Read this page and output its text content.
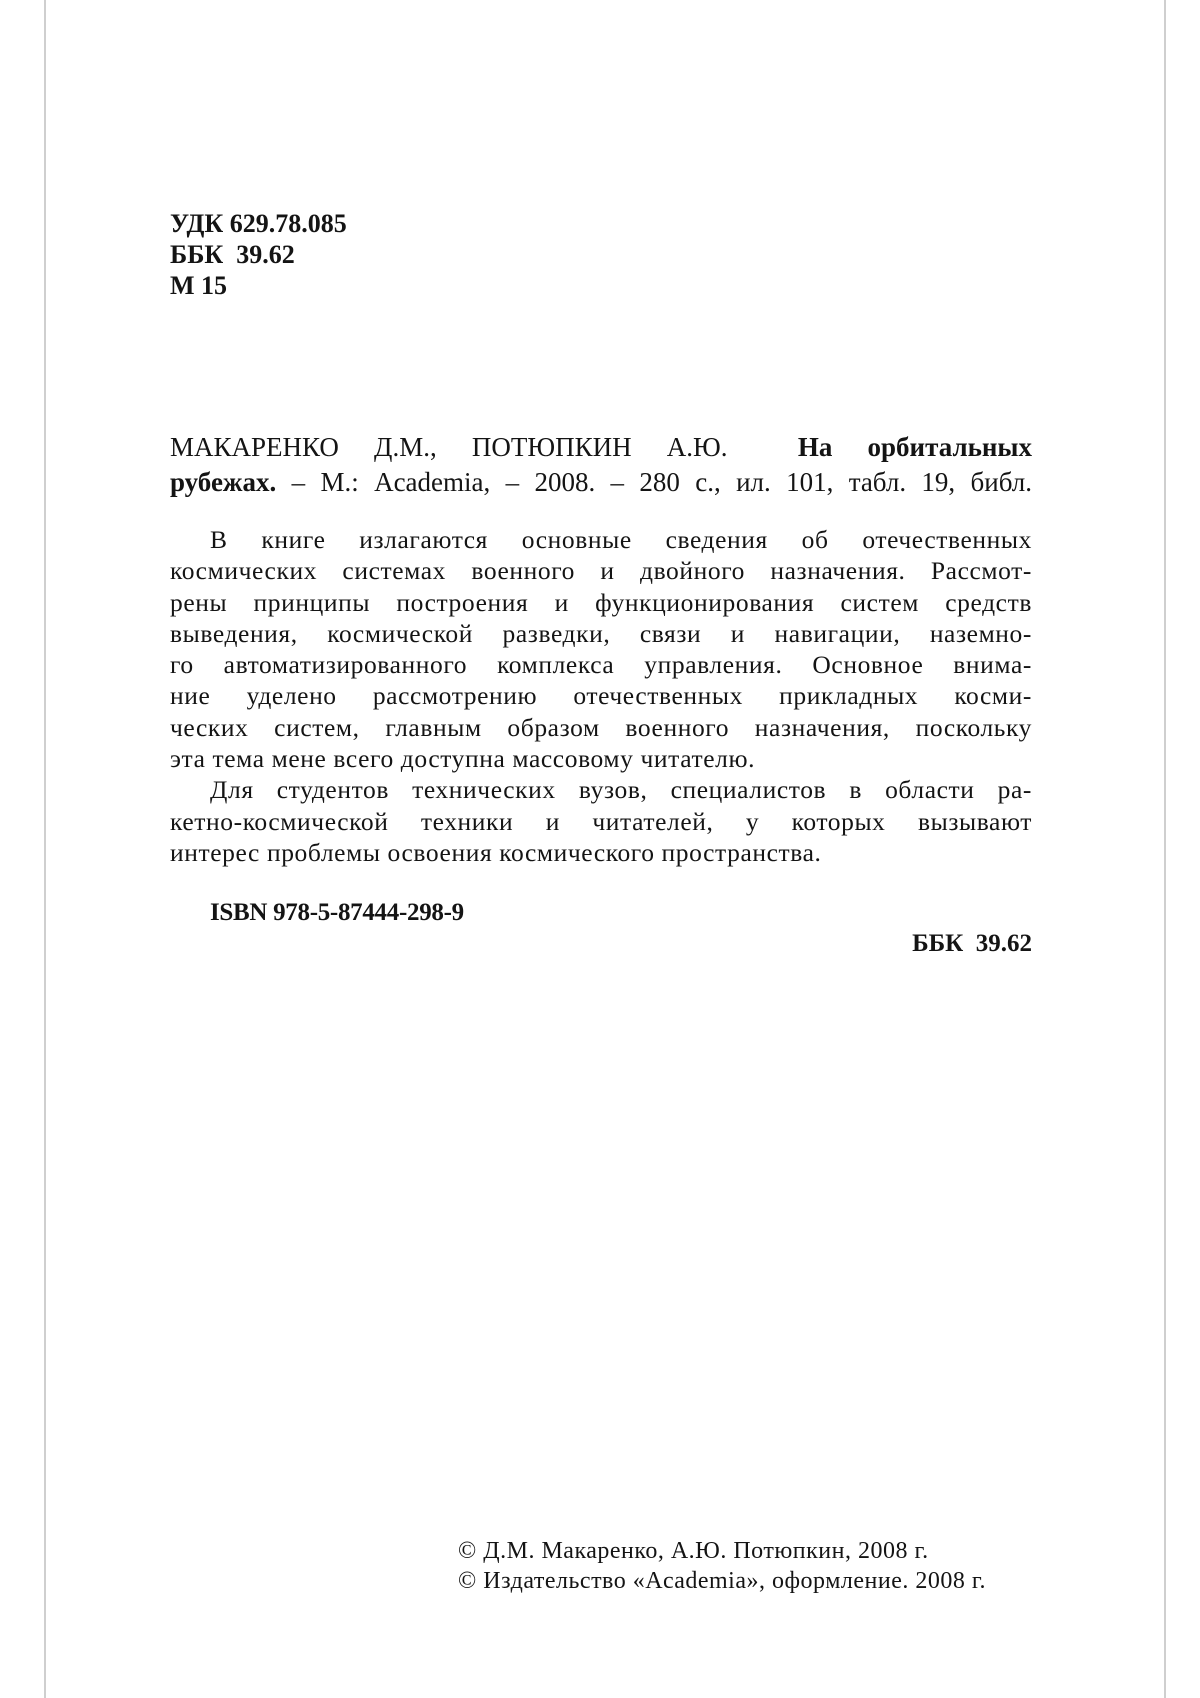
УДК 629.78.085
ББК  39.62
М 15
МАКАРЕНКО Д.М., ПОТЮПКИН А.Ю.	На орбитальных
рубежах. – М.: Academia, – 2008. – 280 с., ил. 101, табл. 19, библ.

В книге излагаются основные сведения об отечественных
космических системах военного и двойного назначения. Рассмот-
рены принципы построения и функционирования систем средств
выведения, космической разведки, связи и навигации, наземно-
го автоматизированного комплекса управления. Основное внима-
ние уделено рассмотрению отечественных прикладных косми-
ческих систем, главным образом военного назначения, поскольку
эта тема мене всего доступна массовому читателю.

Для студентов технических вузов, специалистов в области ра-
кетно-космической техники и читателей, у которых вызывают
интерес проблемы освоения космического пространства.

ISBN 978-5-87444-298-9
ББК  39.62
© Д.М. Макаренко, А.Ю. Потюпкин, 2008 г.
© Издательство «Academia», оформление. 2008 г.
